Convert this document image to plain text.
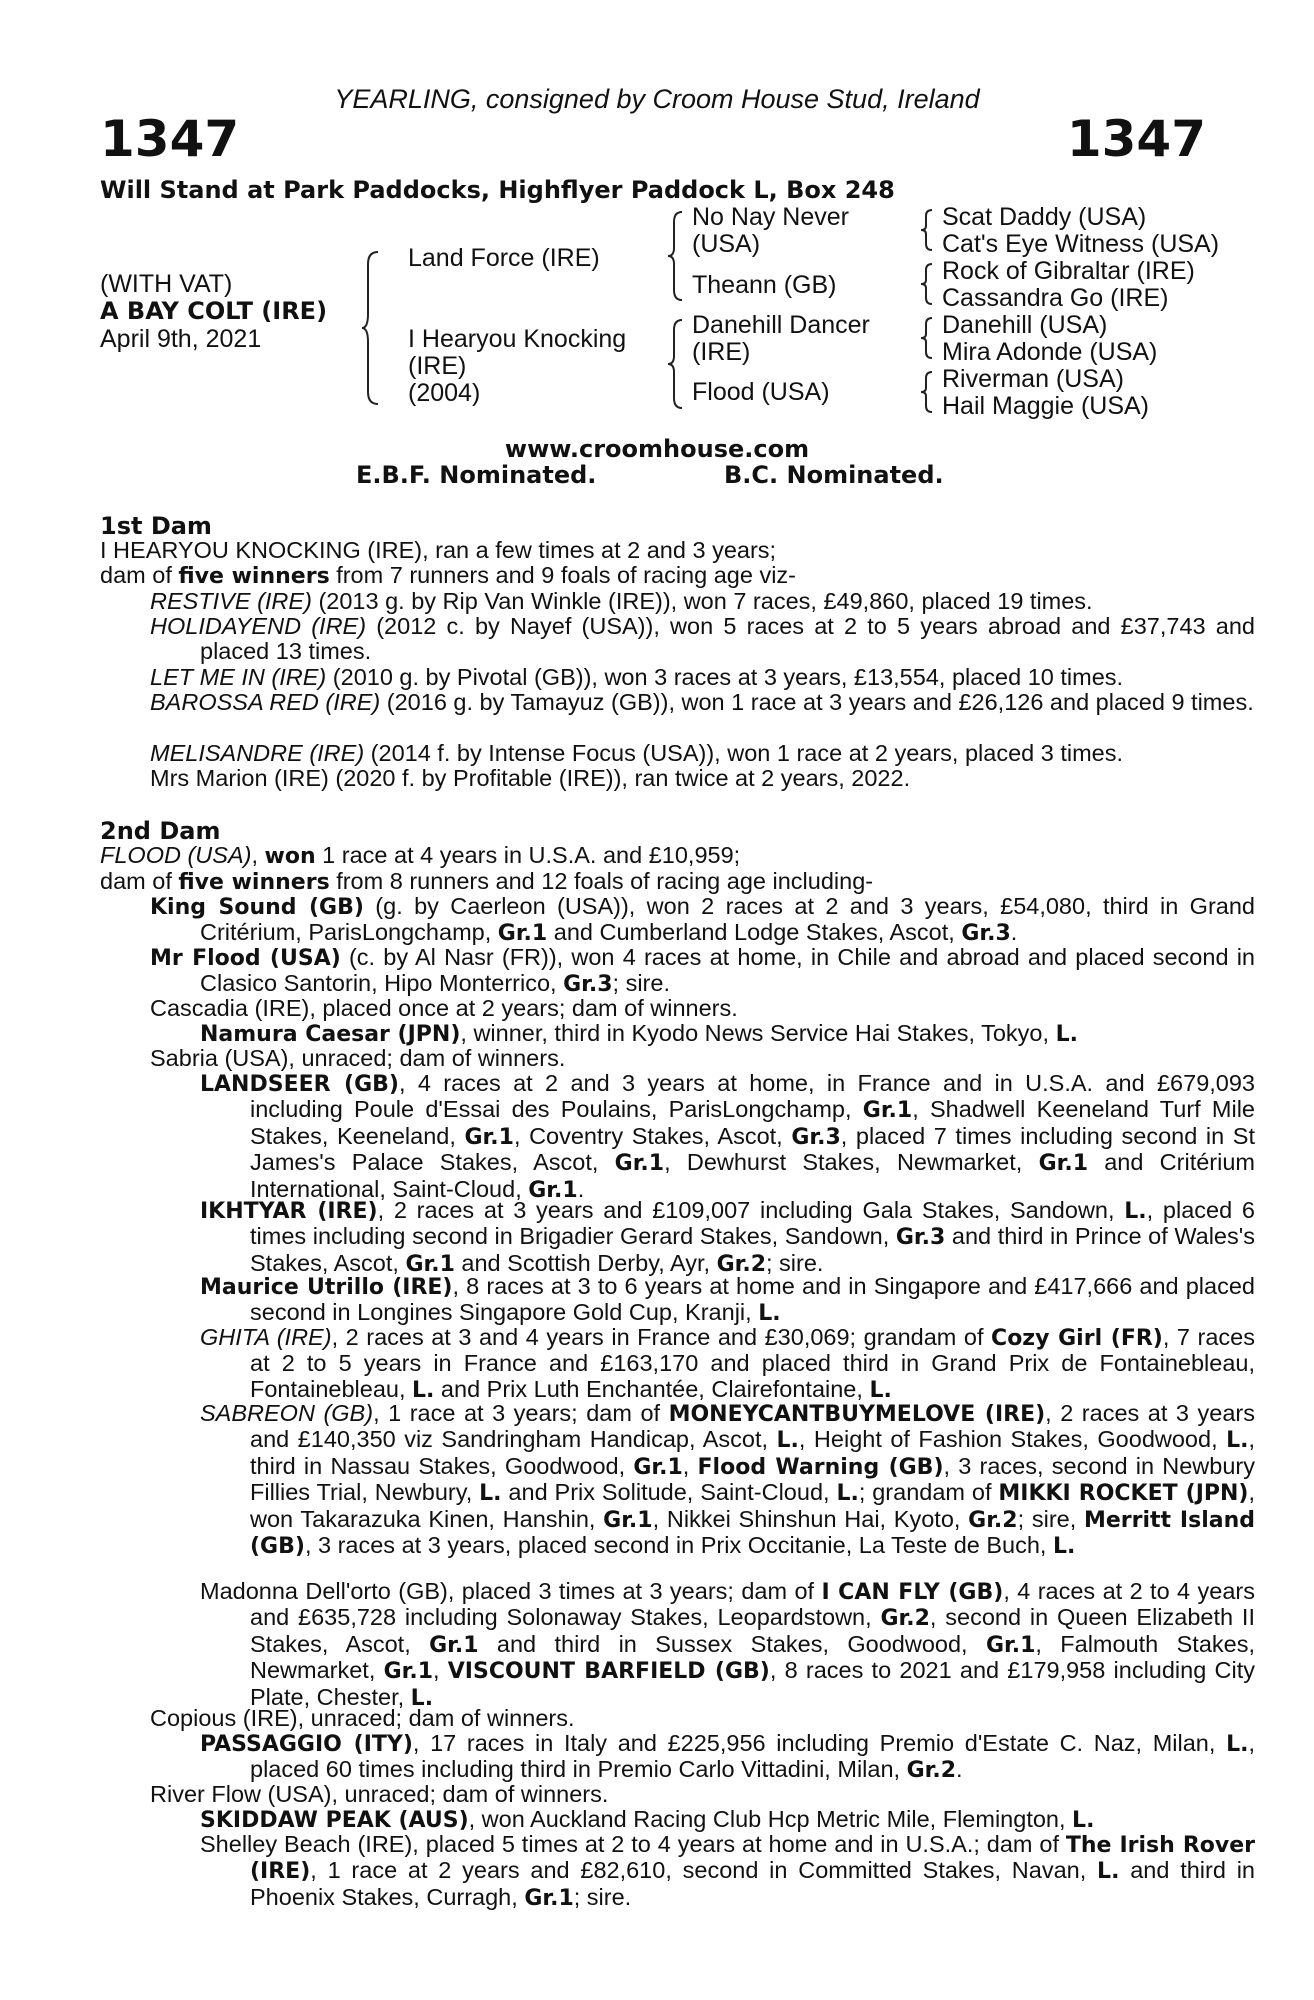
YEARLING, consigned by Croom House Stud, Ireland
1347	1347
Will Stand at Park Paddocks, Highflyer Paddock L, Box 248
(WITH VAT)
A BAY COLT (IRE)
April 9th, 2021
Land Force (IRE)
I Hearyou Knocking
(IRE)
(2004)
No Nay Never
(USA)
Theann (GB)
Danehill Dancer
(IRE)
Flood (USA)
Scat Daddy (USA)
Cat's Eye Witness (USA)
Rock of Gibraltar (IRE)
Cassandra Go (IRE)
Danehill (USA)
Mira Adonde (USA)
Riverman (USA)
Hail Maggie (USA)
www.croomhouse.com
E.B.F. Nominated.	B.C. Nominated.
1st Dam
I HEARYOU KNOCKING (IRE), ran a few times at 2 and 3 years;
dam of five winners from 7 runners and 9 foals of racing age viz-
RESTIVE (IRE) (2013 g. by Rip Van Winkle (IRE)), won 7 races, £49,860, placed 19 times.
HOLIDAYEND (IRE) (2012 c. by Nayef (USA)), won 5 races at 2 to 5 years abroad and £37,743 and placed 13 times.
LET ME IN (IRE) (2010 g. by Pivotal (GB)), won 3 races at 3 years, £13,554, placed 10 times.
BAROSSA RED (IRE) (2016 g. by Tamayuz (GB)), won 1 race at 3 years and £26,126 and placed 9 times.
MELISANDRE (IRE) (2014 f. by Intense Focus (USA)), won 1 race at 2 years, placed 3 times.
Mrs Marion (IRE) (2020 f. by Profitable (IRE)), ran twice at 2 years, 2022.
2nd Dam
FLOOD (USA), won 1 race at 4 years in U.S.A. and £10,959;
dam of five winners from 8 runners and 12 foals of racing age including-
King Sound (GB) (g. by Caerleon (USA)), won 2 races at 2 and 3 years, £54,080, third in Grand Critérium, ParisLongchamp, Gr.1 and Cumberland Lodge Stakes, Ascot, Gr.3.
Mr Flood (USA) (c. by Al Nasr (FR)), won 4 races at home, in Chile and abroad and placed second in Clasico Santorin, Hipo Monterrico, Gr.3; sire.
Cascadia (IRE), placed once at 2 years; dam of winners.
Namura Caesar (JPN), winner, third in Kyodo News Service Hai Stakes, Tokyo, L.
Sabria (USA), unraced; dam of winners.
LANDSEER (GB), 4 races at 2 and 3 years at home, in France and in U.S.A. and £679,093 including Poule d'Essai des Poulains, ParisLongchamp, Gr.1, Shadwell Keeneland Turf Mile Stakes, Keeneland, Gr.1, Coventry Stakes, Ascot, Gr.3, placed 7 times including second in St James's Palace Stakes, Ascot, Gr.1, Dewhurst Stakes, Newmarket, Gr.1 and Critérium International, Saint-Cloud, Gr.1.
IKHTYAR (IRE), 2 races at 3 years and £109,007 including Gala Stakes, Sandown, L., placed 6 times including second in Brigadier Gerard Stakes, Sandown, Gr.3 and third in Prince of Wales's Stakes, Ascot, Gr.1 and Scottish Derby, Ayr, Gr.2; sire.
Maurice Utrillo (IRE), 8 races at 3 to 6 years at home and in Singapore and £417,666 and placed second in Longines Singapore Gold Cup, Kranji, L.
GHITA (IRE), 2 races at 3 and 4 years in France and £30,069; grandam of Cozy Girl (FR), 7 races at 2 to 5 years in France and £163,170 and placed third in Grand Prix de Fontainebleau, Fontainebleau, L. and Prix Luth Enchantée, Clairefontaine, L.
SABREON (GB), 1 race at 3 years; dam of MONEYCANTBUYMELOVE (IRE), 2 races at 3 years and £140,350 viz Sandringham Handicap, Ascot, L., Height of Fashion Stakes, Goodwood, L., third in Nassau Stakes, Goodwood, Gr.1, Flood Warning (GB), 3 races, second in Newbury Fillies Trial, Newbury, L. and Prix Solitude, Saint-Cloud, L.; grandam of MIKKI ROCKET (JPN), won Takarazuka Kinen, Hanshin, Gr.1, Nikkei Shinshun Hai, Kyoto, Gr.2; sire, Merritt Island (GB), 3 races at 3 years, placed second in Prix Occitanie, La Teste de Buch, L.
Madonna Dell'orto (GB), placed 3 times at 3 years; dam of I CAN FLY (GB), 4 races at 2 to 4 years and £635,728 including Solonaway Stakes, Leopardstown, Gr.2, second in Queen Elizabeth II Stakes, Ascot, Gr.1 and third in Sussex Stakes, Goodwood, Gr.1, Falmouth Stakes, Newmarket, Gr.1, VISCOUNT BARFIELD (GB), 8 races to 2021 and £179,958 including City Plate, Chester, L.
Copious (IRE), unraced; dam of winners.
PASSAGGIO (ITY), 17 races in Italy and £225,956 including Premio d'Estate C. Naz, Milan, L., placed 60 times including third in Premio Carlo Vittadini, Milan, Gr.2.
River Flow (USA), unraced; dam of winners.
SKIDDAW PEAK (AUS), won Auckland Racing Club Hcp Metric Mile, Flemington, L.
Shelley Beach (IRE), placed 5 times at 2 to 4 years at home and in U.S.A.; dam of The Irish Rover (IRE), 1 race at 2 years and £82,610, second in Committed Stakes, Navan, L. and third in Phoenix Stakes, Curragh, Gr.1; sire.
